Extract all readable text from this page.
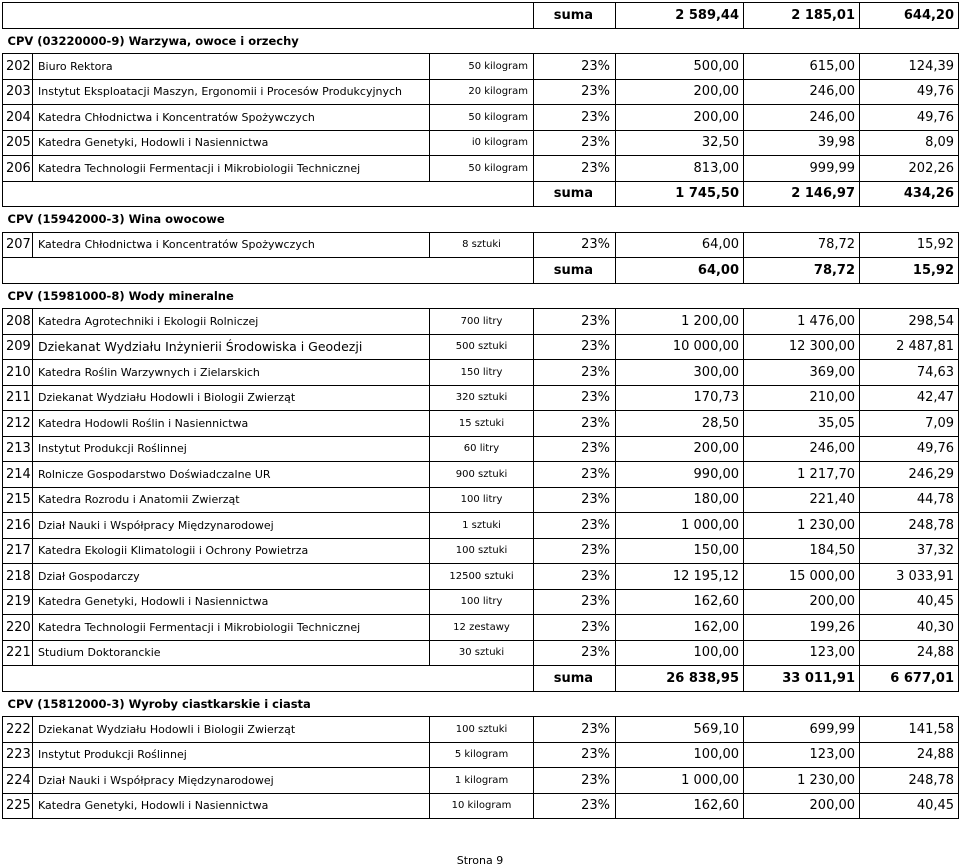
			suma	2 589,44	2 185,01	644,20
CPV (03220000-9) Warzywa, owoce i orzechy						
202	Biuro Rektora	50 kilogram	23%	500,00	615,00	124,39
203	Instytut Eksploatacji Maszyn, Ergonomii i Procesów Produkcyjnych	20 kilogram	23%	200,00	246,00	49,76
204	Katedra Chłodnictwa i Koncentratów Spożywczych	50 kilogram	23%	200,00	246,00	49,76
205	Katedra Genetyki, Hodowli i Nasiennictwa	i0 kilogram	23%	32,50	39,98	8,09
206	Katedra Technologii Fermentacji i Mikrobiologii Technicznej	50 kilogram	23%	813,00	999,99	202,26
			suma	1 745,50	2 146,97	434,26
CPV (15942000-3) Wina owocowe						
207	Katedra Chłodnictwa i Koncentratów Spożywczych	8 sztuki	23%	64,00	78,72	15,92
			suma	64,00	78,72	15,92
CPV (15981000-8) Wody mineralne						
208	Katedra Agrotechniki i Ekologii Rolniczej	700 litry	23%	1 200,00	1 476,00	298,54
209	Dziekanat Wydziału Inżynierii Środowiska i Geodezji	500 sztuki	23%	10 000,00	12 300,00	2 487,81
210	Katedra Roślin Warzywnych i Zielarskich	150 litry	23%	300,00	369,00	74,63
211	Dziekanat Wydziału Hodowli i Biologii Zwierząt	320 sztuki	23%	170,73	210,00	42,47
212	Katedra Hodowli Roślin i Nasiennictwa	15 sztuki	23%	28,50	35,05	7,09
213	Instytut Produkcji Roślinnej	60 litry	23%	200,00	246,00	49,76
214	Rolnicze Gospodarstwo Doświadczalne UR	900 sztuki	23%	990,00	1 217,70	246,29
215	Katedra Rozrodu i Anatomii Zwierząt	100 litry	23%	180,00	221,40	44,78
216	Dział Nauki i Współpracy Międzynarodowej	1 sztuki	23%	1 000,00	1 230,00	248,78
217	Katedra Ekologii Klimatologii i Ochrony Powietrza	100 sztuki	23%	150,00	184,50	37,32
218	Dział Gospodarczy	12500 sztuki	23%	12 195,12	15 000,00	3 033,91
219	Katedra Genetyki, Hodowli i Nasiennictwa	100 litry	23%	162,60	200,00	40,45
220	Katedra Technologii Fermentacji i Mikrobiologii Technicznej	12 zestawy	23%	162,00	199,26	40,30
221	Studium Doktoranckie	30 sztuki	23%	100,00	123,00	24,88
			suma	26 838,95	33 011,91	6 677,01
CPV (15812000-3) Wyroby ciastkarskie i ciasta						
222	Dziekanat Wydziału Hodowli i Biologii Zwierząt	100 sztuki	23%	569,10	699,99	141,58
223	Instytut Produkcji Roślinnej	5 kilogram	23%	100,00	123,00	24,88
224	Dział Nauki i Współpracy Międzynarodowej	1 kilogram	23%	1 000,00	1 230,00	248,78
225	Katedra Genetyki, Hodowli i Nasiennictwa	10 kilogram	23%	162,60	200,00	40,45
Strona 9
